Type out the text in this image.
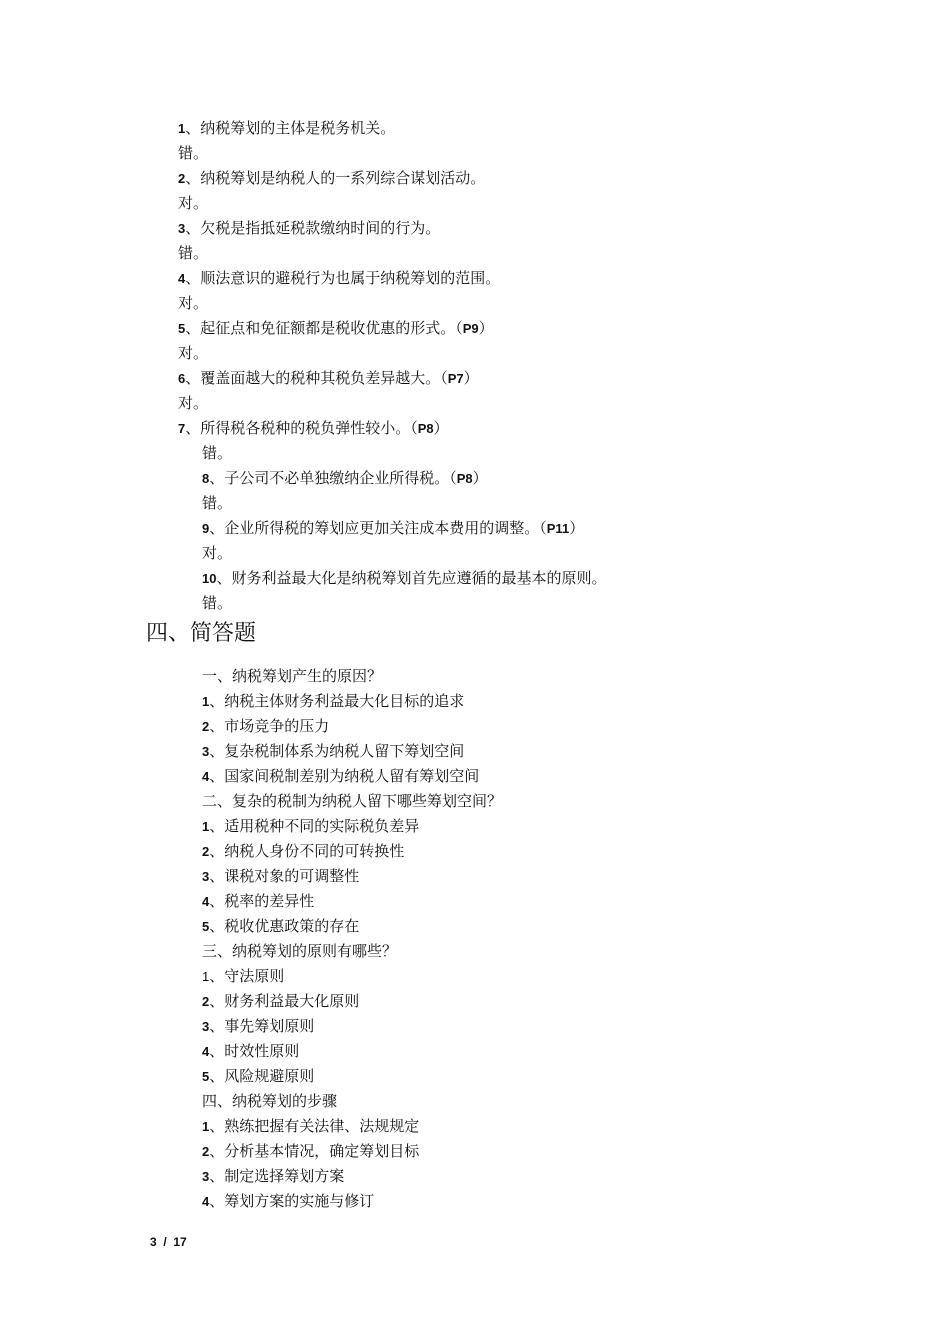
1、纳税筹划的主体是税务机关。
错。
2、纳税筹划是纳税人的一系列综合谋划活动。
对。
3、欠税是指抵延税款缴纳时间的行为。
错。
4、顺法意识的避税行为也属于纳税筹划的范围。
对。
5、起征点和免征额都是税收优惠的形式。（P9）
对。
6、覆盖面越大的税种其税负差异越大。（P7）
对。
7、所得税各税种的税负弹性较小。（P8）
错。
8、子公司不必单独缴纳企业所得税。（P8）
错。
9、企业所得税的筹划应更加关注成本费用的调整。（P11）
对。
10、财务利益最大化是纳税筹划首先应遵循的最基本的原则。
错。
四、简答题
一、纳税筹划产生的原因？
1、纳税主体财务利益最大化目标的追求
2、市场竞争的压力
3、复杂税制体系为纳税人留下筹划空间
4、国家间税制差别为纳税人留有筹划空间
二、复杂的税制为纳税人留下哪些筹划空间？
1、适用税种不同的实际税负差异
2、纳税人身份不同的可转换性
3、课税对象的可调整性
4、税率的差异性
5、税收优惠政策的存在
三、纳税筹划的原则有哪些？
1、守法原则
2、财务利益最大化原则
3、事先筹划原则
4、时效性原则
5、风险规避原则
四、纳税筹划的步骤
1、熟练把握有关法律、法规规定
2、分析基本情况，确定筹划目标
3、制定选择筹划方案
4、筹划方案的实施与修订
3  /  17
